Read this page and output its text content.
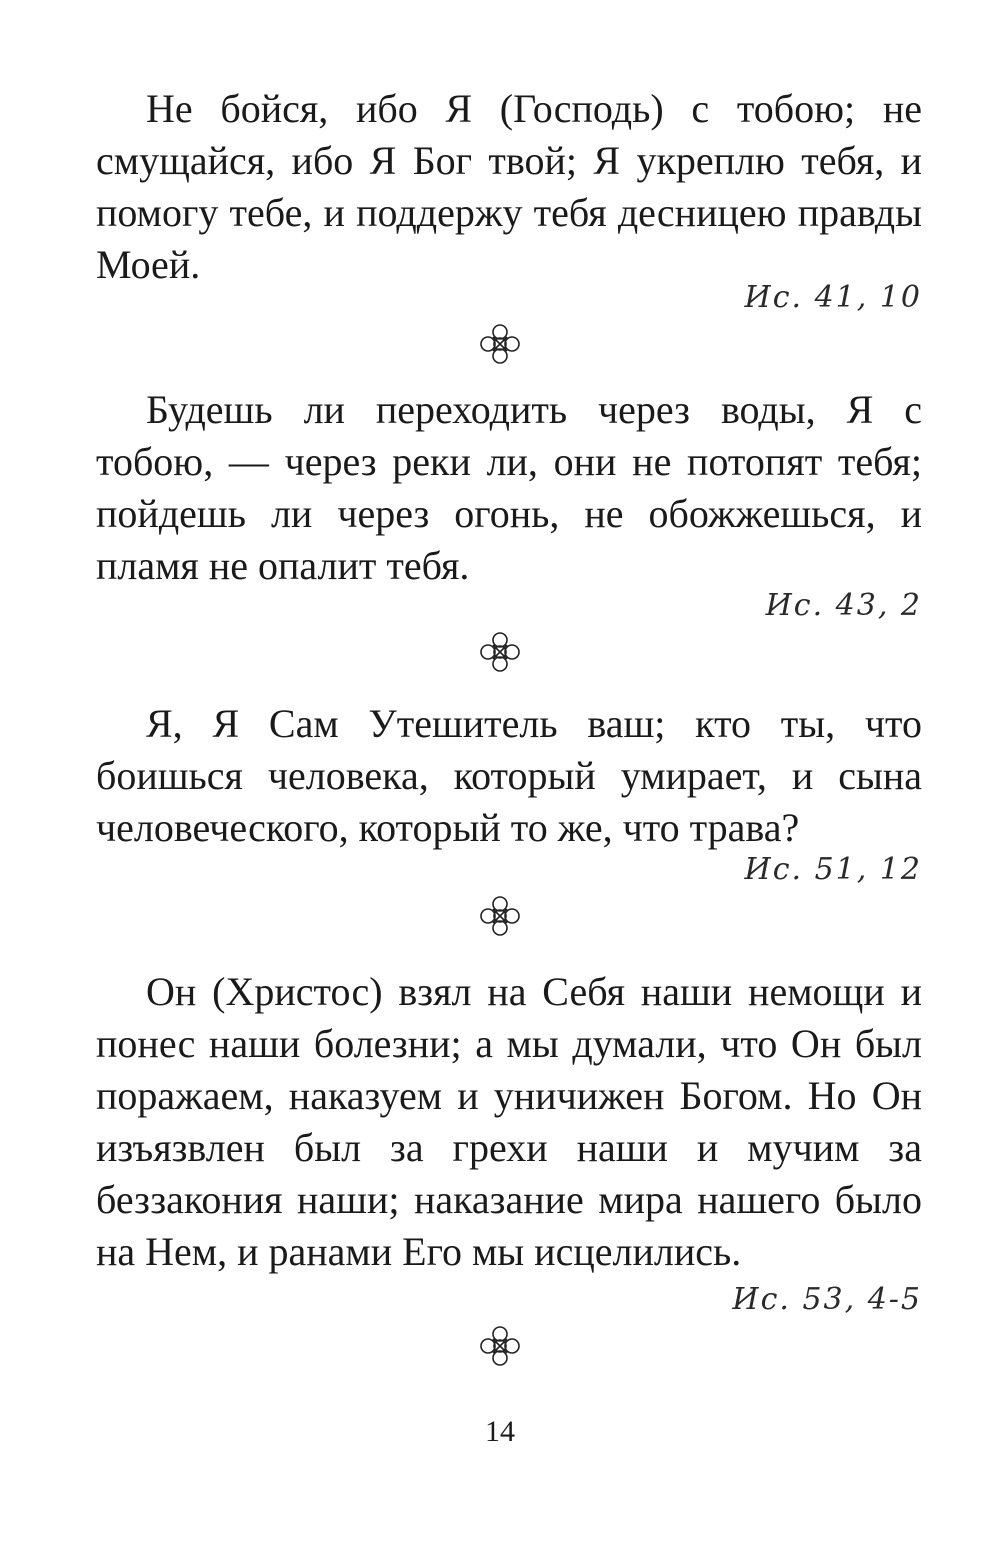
Не бойся, ибо Я (Господь) с тобою; не смущайся, ибо Я Бог твой; Я укреплю тебя, и помогу тебе, и поддержу тебя десницею правды Моей.

Ис. 41, 10

Будешь ли переходить через воды, Я с тобою, — через реки ли, они не потопят тебя; пойдешь ли через огонь, не обожжешься, и пламя не опалит тебя.

Ис. 43, 2

Я, Я Сам Утешитель ваш; кто ты, что боишься человека, который умирает, и сына человеческого, который то же, что трава?

Ис. 51, 12

Он (Христос) взял на Себя наши немощи и понес наши болезни; а мы думали, что Он был поражаем, наказуем и уничижен Богом. Но Он изъязвлен был за грехи наши и мучим за беззакония наши; наказание мира нашего было на Нем, и ранами Его мы исцелились.

Ис. 53, 4-5

14
